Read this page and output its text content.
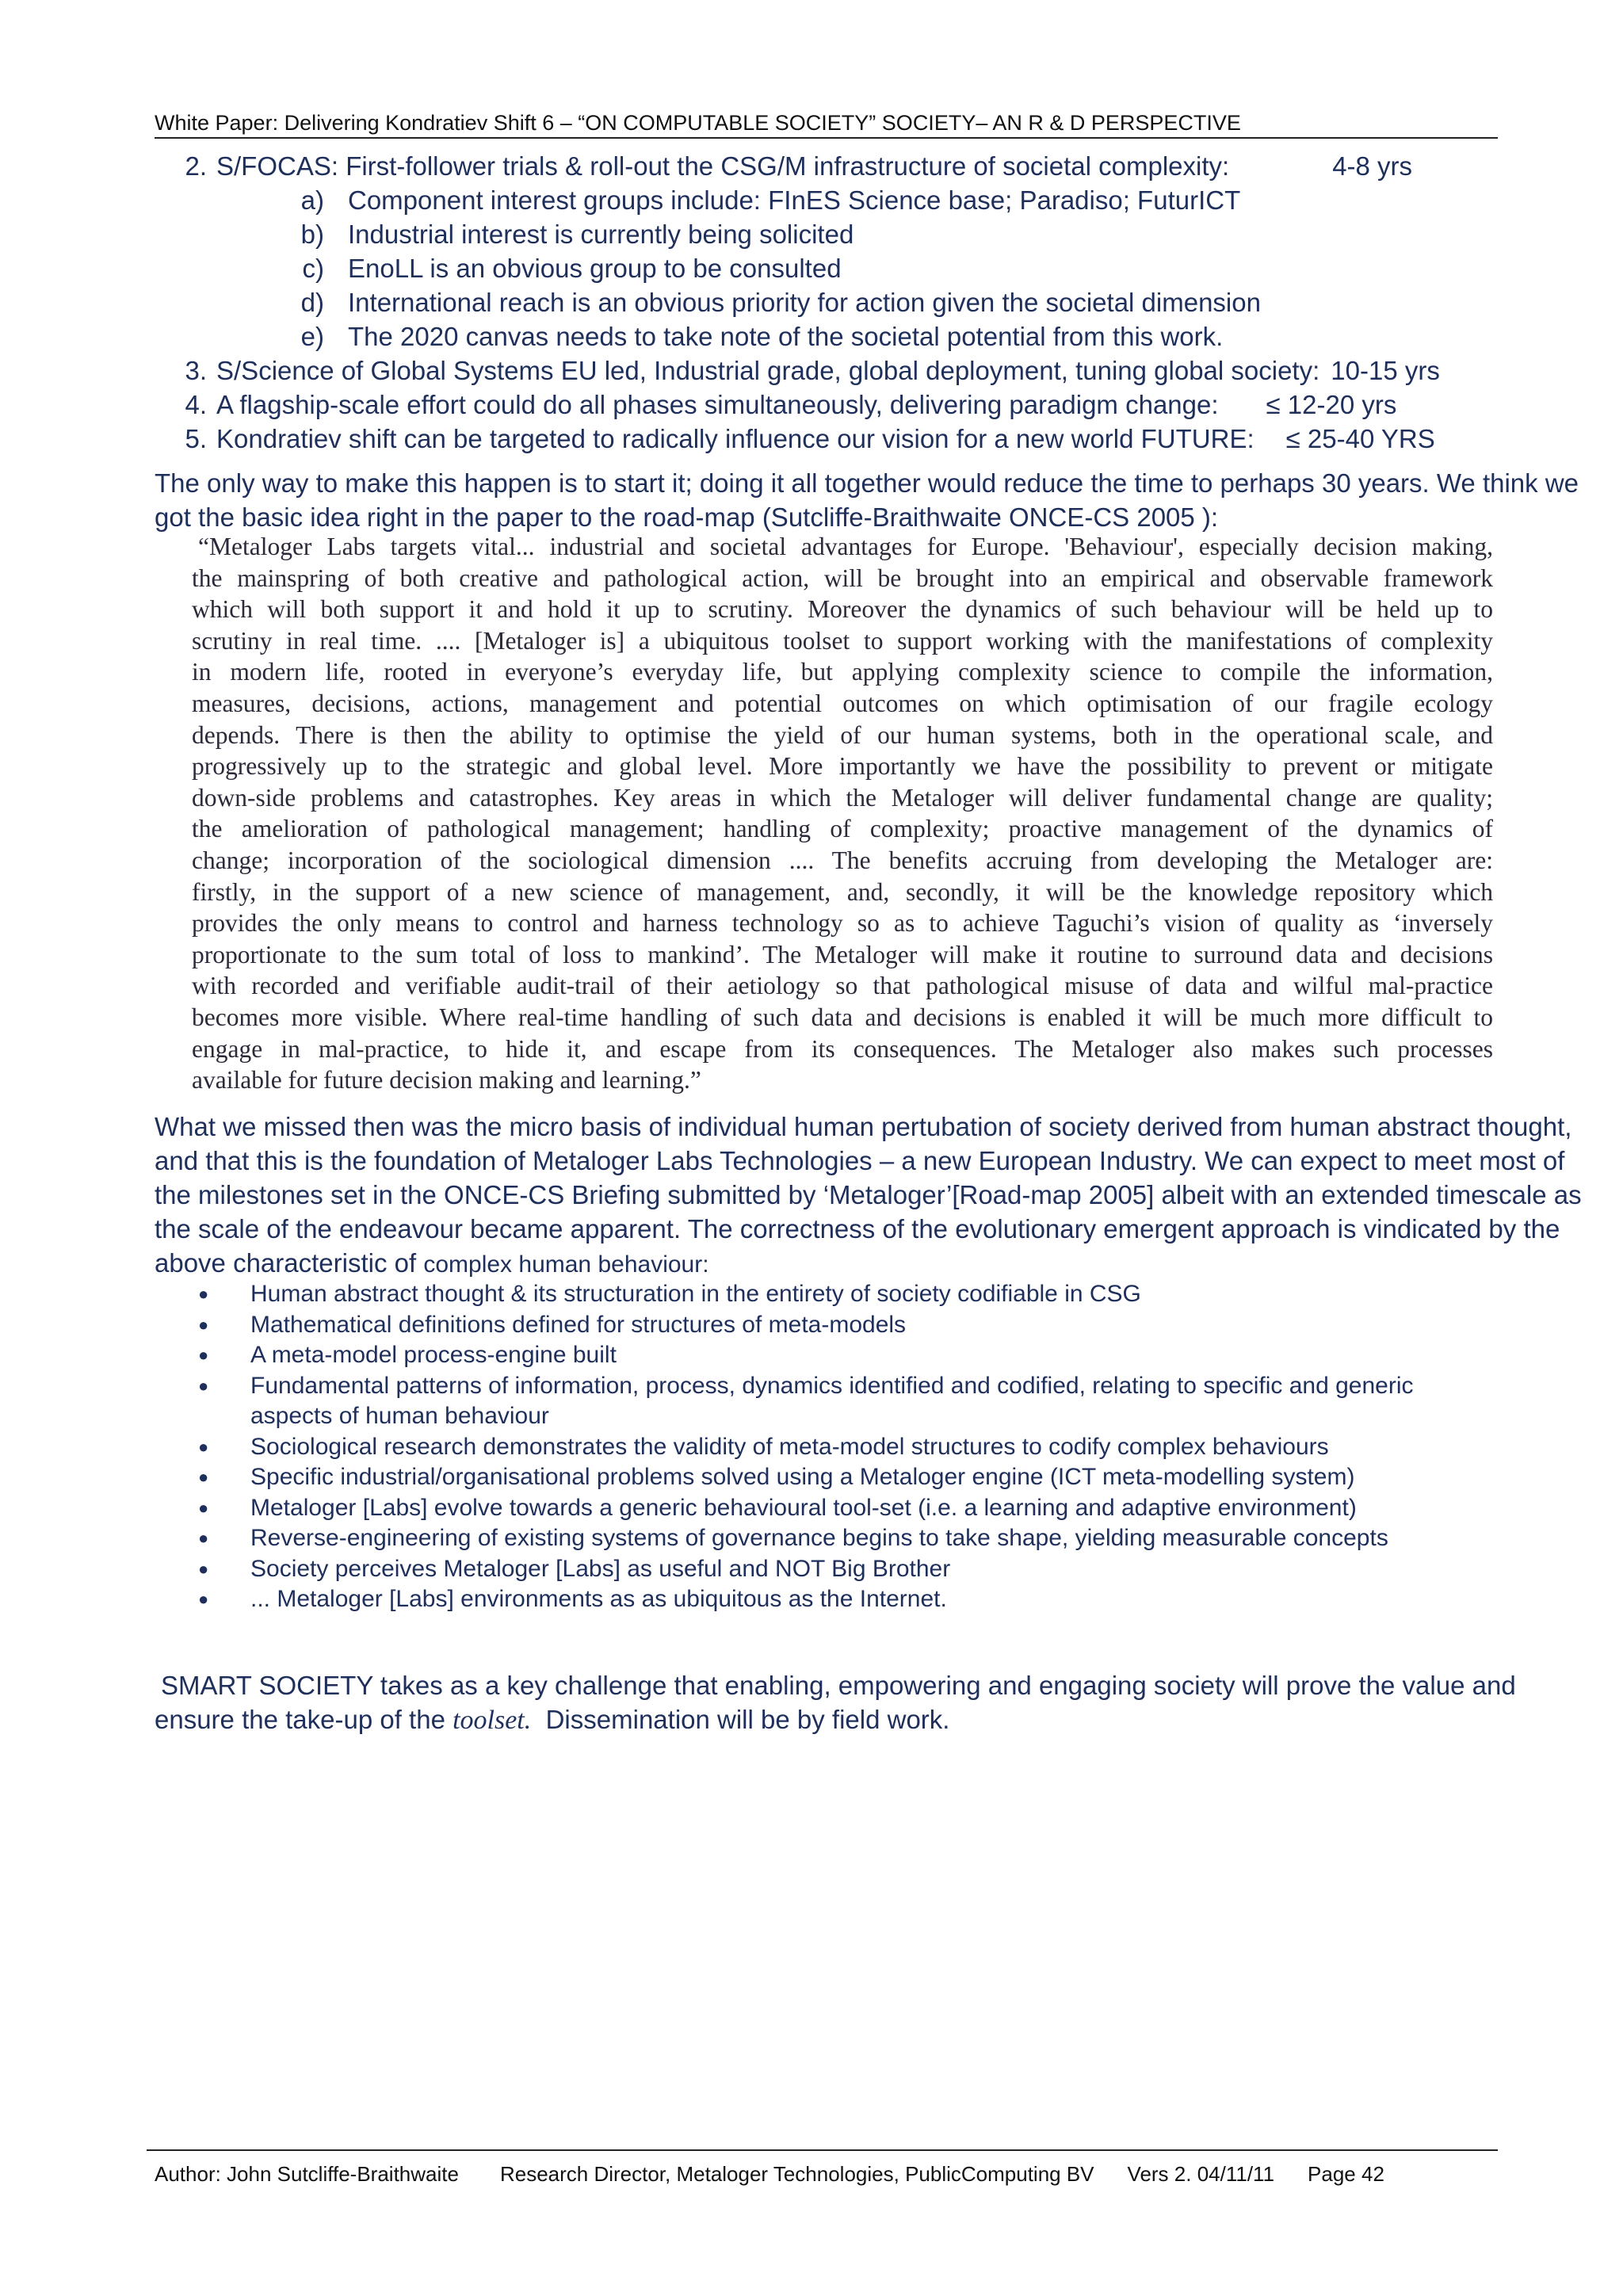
White Paper: Delivering Kondratiev Shift 6 – “ON COMPUTABLE SOCIETY” SOCIETY– AN R & D PERSPECTIVE
2. S/FOCAS: First-follower trials & roll-out the CSG/M infrastructure of societal complexity:	4-8 yrs
a) Component interest groups include: FInES Science base; Paradiso; FuturICT
b) Industrial interest is currently being solicited
c) EnoLL is an obvious group to be consulted
d) International reach is an obvious priority for action given the societal dimension
e) The 2020 canvas needs to take note of the societal potential from this work.
3. S/Science of Global Systems EU led, Industrial grade, global deployment, tuning global society: 10-15 yrs
4. A flagship-scale effort could do all phases simultaneously, delivering paradigm change:	≤ 12-20 yrs
5. Kondratiev shift can be targeted to radically influence our vision for a new world FUTURE:	≤ 25-40 YRS
The only way to make this happen is to start it; doing it all together would reduce the time to perhaps 30 years. We think we
got the basic idea right in the paper to the road-map (Sutcliffe-Braithwaite ONCE-CS 2005 ):
“Metaloger Labs targets vital... industrial and societal advantages for Europe. 'Behaviour', especially decision making,
the mainspring of both creative and pathological action, will be brought into an empirical and observable framework
which will both support it and hold it up to scrutiny. Moreover the dynamics of such behaviour will be held up to
scrutiny in real time. .... [Metaloger is] a ubiquitous toolset to support working with the manifestations of complexity
in modern life, rooted in everyone’s everyday life, but applying complexity science to compile the information,
measures, decisions, actions, management and potential outcomes on which optimisation of our fragile ecology
depends. There is then the ability to optimise the yield of our human systems, both in the operational scale, and
progressively up to the strategic and global level. More importantly we have the possibility to prevent or mitigate
down-side problems and catastrophes. Key areas in which the Metaloger will deliver fundamental change are quality;
the amelioration of pathological management; handling of complexity; proactive management of the dynamics of
change; incorporation of the sociological dimension .... The benefits accruing from developing the Metaloger are:
firstly, in the support of a new science of management, and, secondly, it will be the knowledge repository which
provides the only means to control and harness technology so as to achieve Taguchi’s vision of quality as ‘inversely
proportionate to the sum total of loss to mankind’. The Metaloger will make it routine to surround data and decisions
with recorded and verifiable audit-trail of their aetiology so that pathological misuse of data and wilful mal-practice
becomes more visible. Where real-time handling of such data and decisions is enabled it will be much more difficult to
engage in mal-practice, to hide it, and escape from its consequences. The Metaloger also makes such processes
available for future decision making and learning.”
What we missed then was the micro basis of individual human pertubation of society derived from human abstract thought,
and that this is the foundation of Metaloger Labs Technologies – a new European Industry. We can expect to meet most of
the milestones set in the ONCE-CS Briefing submitted by ‘Metaloger’[Road-map 2005] albeit with an extended timescale as
the scale of the endeavour became apparent. The correctness of the evolutionary emergent approach is vindicated by the
above characteristic of complex human behaviour:
●	Human abstract thought & its structuration in the entirety of society codifiable in CSG
●	Mathematical definitions defined for structures of meta-models
●	A meta-model process-engine built
●	Fundamental patterns of information, process, dynamics identified and codified, relating to specific and generic aspects of human behaviour
●	Sociological research demonstrates the validity of meta-model structures to codify complex behaviours
●	Specific industrial/organisational problems solved using a Metaloger engine (ICT meta-modelling system)
●	Metaloger [Labs] evolve towards a generic behavioural tool-set (i.e. a learning and adaptive environment)
●	Reverse-engineering of existing systems of governance begins to take shape, yielding measurable concepts
●	Society perceives Metaloger [Labs] as useful and NOT Big Brother
●	... Metaloger [Labs] environments as as ubiquitous as the Internet.
SMART SOCIETY takes as a key challenge that enabling, empowering and engaging society will prove the value and
ensure the take-up of the toolset.  Dissemination will be by field work.
Author: John Sutcliffe-Braithwaite Research Director, Metaloger Technologies, PublicComputing BV Vers 2. 04/11/11 Page 42
